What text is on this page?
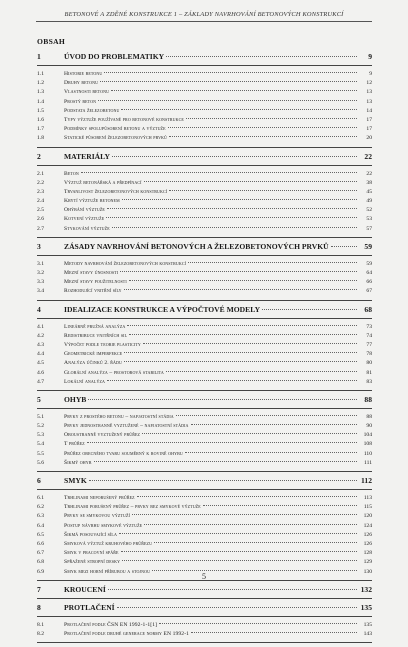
BETONOVÉ A ZDĚNÉ KONSTRUKCE 1 – ZÁKLADY NAVRHOVÁNÍ BETONOVÝCH KONSTRUKCÍ
OBSAH
1	ÚVOD DO PROBLEMATIKY	9
1.1	Historie betonu	9
1.2	Druhy betonu	12
1.3	Vlastnosti betonu	13
1.4	Prostý beton	13
1.5	Podstata železobetonu	14
1.6	Typy výztuže používané pro betonové konstrukce	17
1.7	Podmínky spolupůsobení betonu a výztuže	17
1.8	Statické působení železobetonových prvků	20
2	MATERIÁLY	22
2.1	Beton	22
2.2	Výztuž betonářská a předpínací	38
2.3	Trvanlivost železobetonových konstrukcí	45
2.4	Krytí výztuže betonem	49
2.5	Ohýbání výztuže	52
2.6	Kotvení výztuže	53
2.7	Stykování výztuže	57
3	ZÁSADY NAVRHOVÁNÍ BETONOVÝCH A ŽELEZOBETONOVÝCH PRVKŮ	59
3.1	Metody navrhování železobetonových konstrukcí	59
3.2	Mezní stavy únosnosti	64
3.3	Mezní stavy použitelnosti	66
3.4	Rozhodující vnitřní síly	67
4	IDEALIZACE KONSTRUKCE A VÝPOČTOVÉ MODELY	68
4.1	Lineárně pružná analýza	73
4.2	Redistribuce vnitřních sil	74
4.3	Výpočet podle teorie plasticity	77
4.4	Geometrické imperfekce	78
4.5	Analýza účinků 2. řádu	80
4.6	Globální analýza – prostorová stabilita	81
4.7	Lokální analýza	83
5	OHYB	88
5.1	Prvky z prostého betonu – napjatostní stádia	88
5.2	Prvky jednostranně vyztužené – napjatostní stádia	90
5.3	Oboustranně vyztužený průřez	104
5.4	T průřez	108
5.5	Průřez obecného tvaru souměrný k rovině ohybu	110
5.6	Šikmý ohyb	111
6	SMYK	112
6.1	Trhlinami neporušený průřez	113
6.2	Trhlinami porušený průřez – prvky bez smykové výztuže	115
6.3	Prvky se smykovou výztuží	120
6.4	Postup návrhu smykové výztuže	124
6.5	Šikmá posouvající síla	126
6.6	Smyková výztuž kruhového průřezu	126
6.7	Smyk v pracovní spáře	128
6.8	Spřažené stropní desky	129
6.9	Smyk mezi horní přírubou a stojnou	130
7	KROUCENÍ	132
8	PROTLAČENÍ	135
8.1	Protlačení podle ČSN EN 1992-1-1[1]	135
8.2	Protlačení podle druhé generace normy EN 1992-1	143
5
